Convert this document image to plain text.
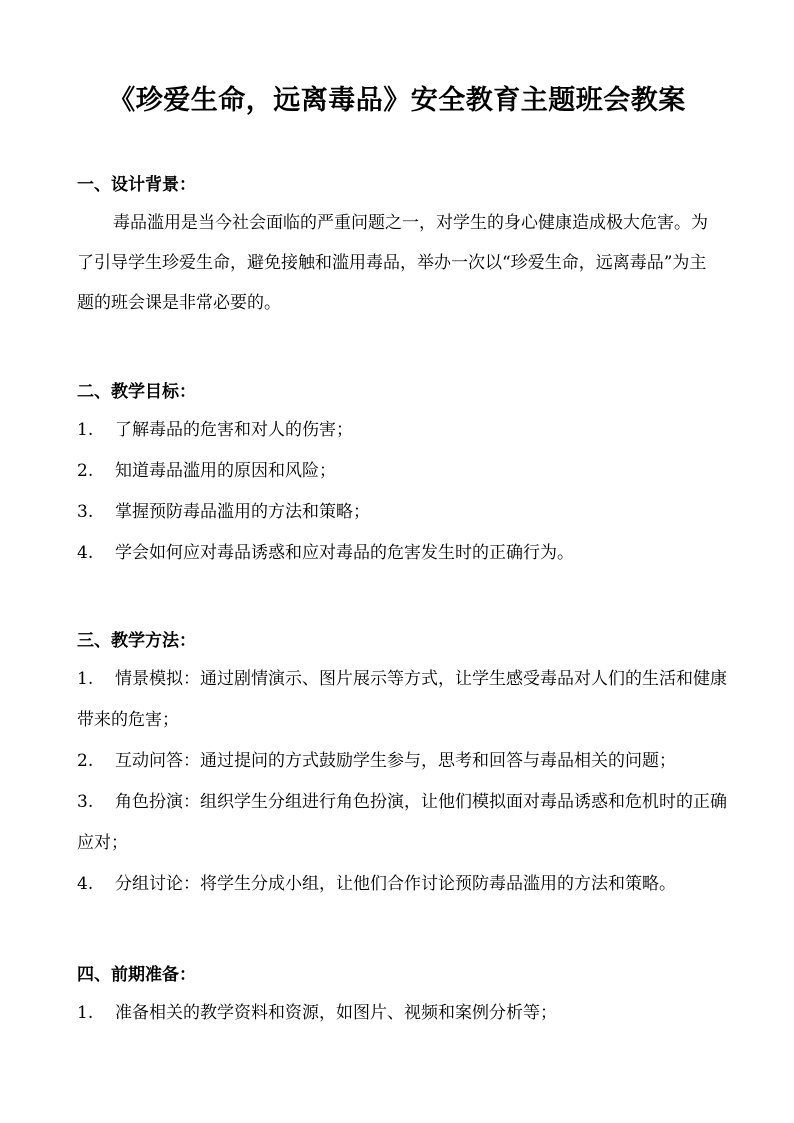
《珍爱生命，远离毒品》安全教育主题班会教案
一、设计背景：
毒品滥用是当今社会面临的严重问题之一，对学生的身心健康造成极大危害。为了引导学生珍爱生命，避免接触和滥用毒品，举办一次以“珍爱生命，远离毒品”为主题的班会课是非常必要的。
二、教学目标：
1. 了解毒品的危害和对人的伤害；
2. 知道毒品滥用的原因和风险；
3. 掌握预防毒品滥用的方法和策略；
4. 学会如何应对毒品诱惑和应对毒品的危害发生时的正确行为。
三、教学方法：
1. 情景模拟：通过剧情演示、图片展示等方式，让学生感受毒品对人们的生活和健康带来的危害；
2. 互动问答：通过提问的方式鼓励学生参与，思考和回答与毒品相关的问题；
3. 角色扮演：组织学生分组进行角色扮演，让他们模拟面对毒品诱惑和危机时的正确应对；
4. 分组讨论：将学生分成小组，让他们合作讨论预防毒品滥用的方法和策略。
四、前期准备：
1. 准备相关的教学资料和资源，如图片、视频和案例分析等；
